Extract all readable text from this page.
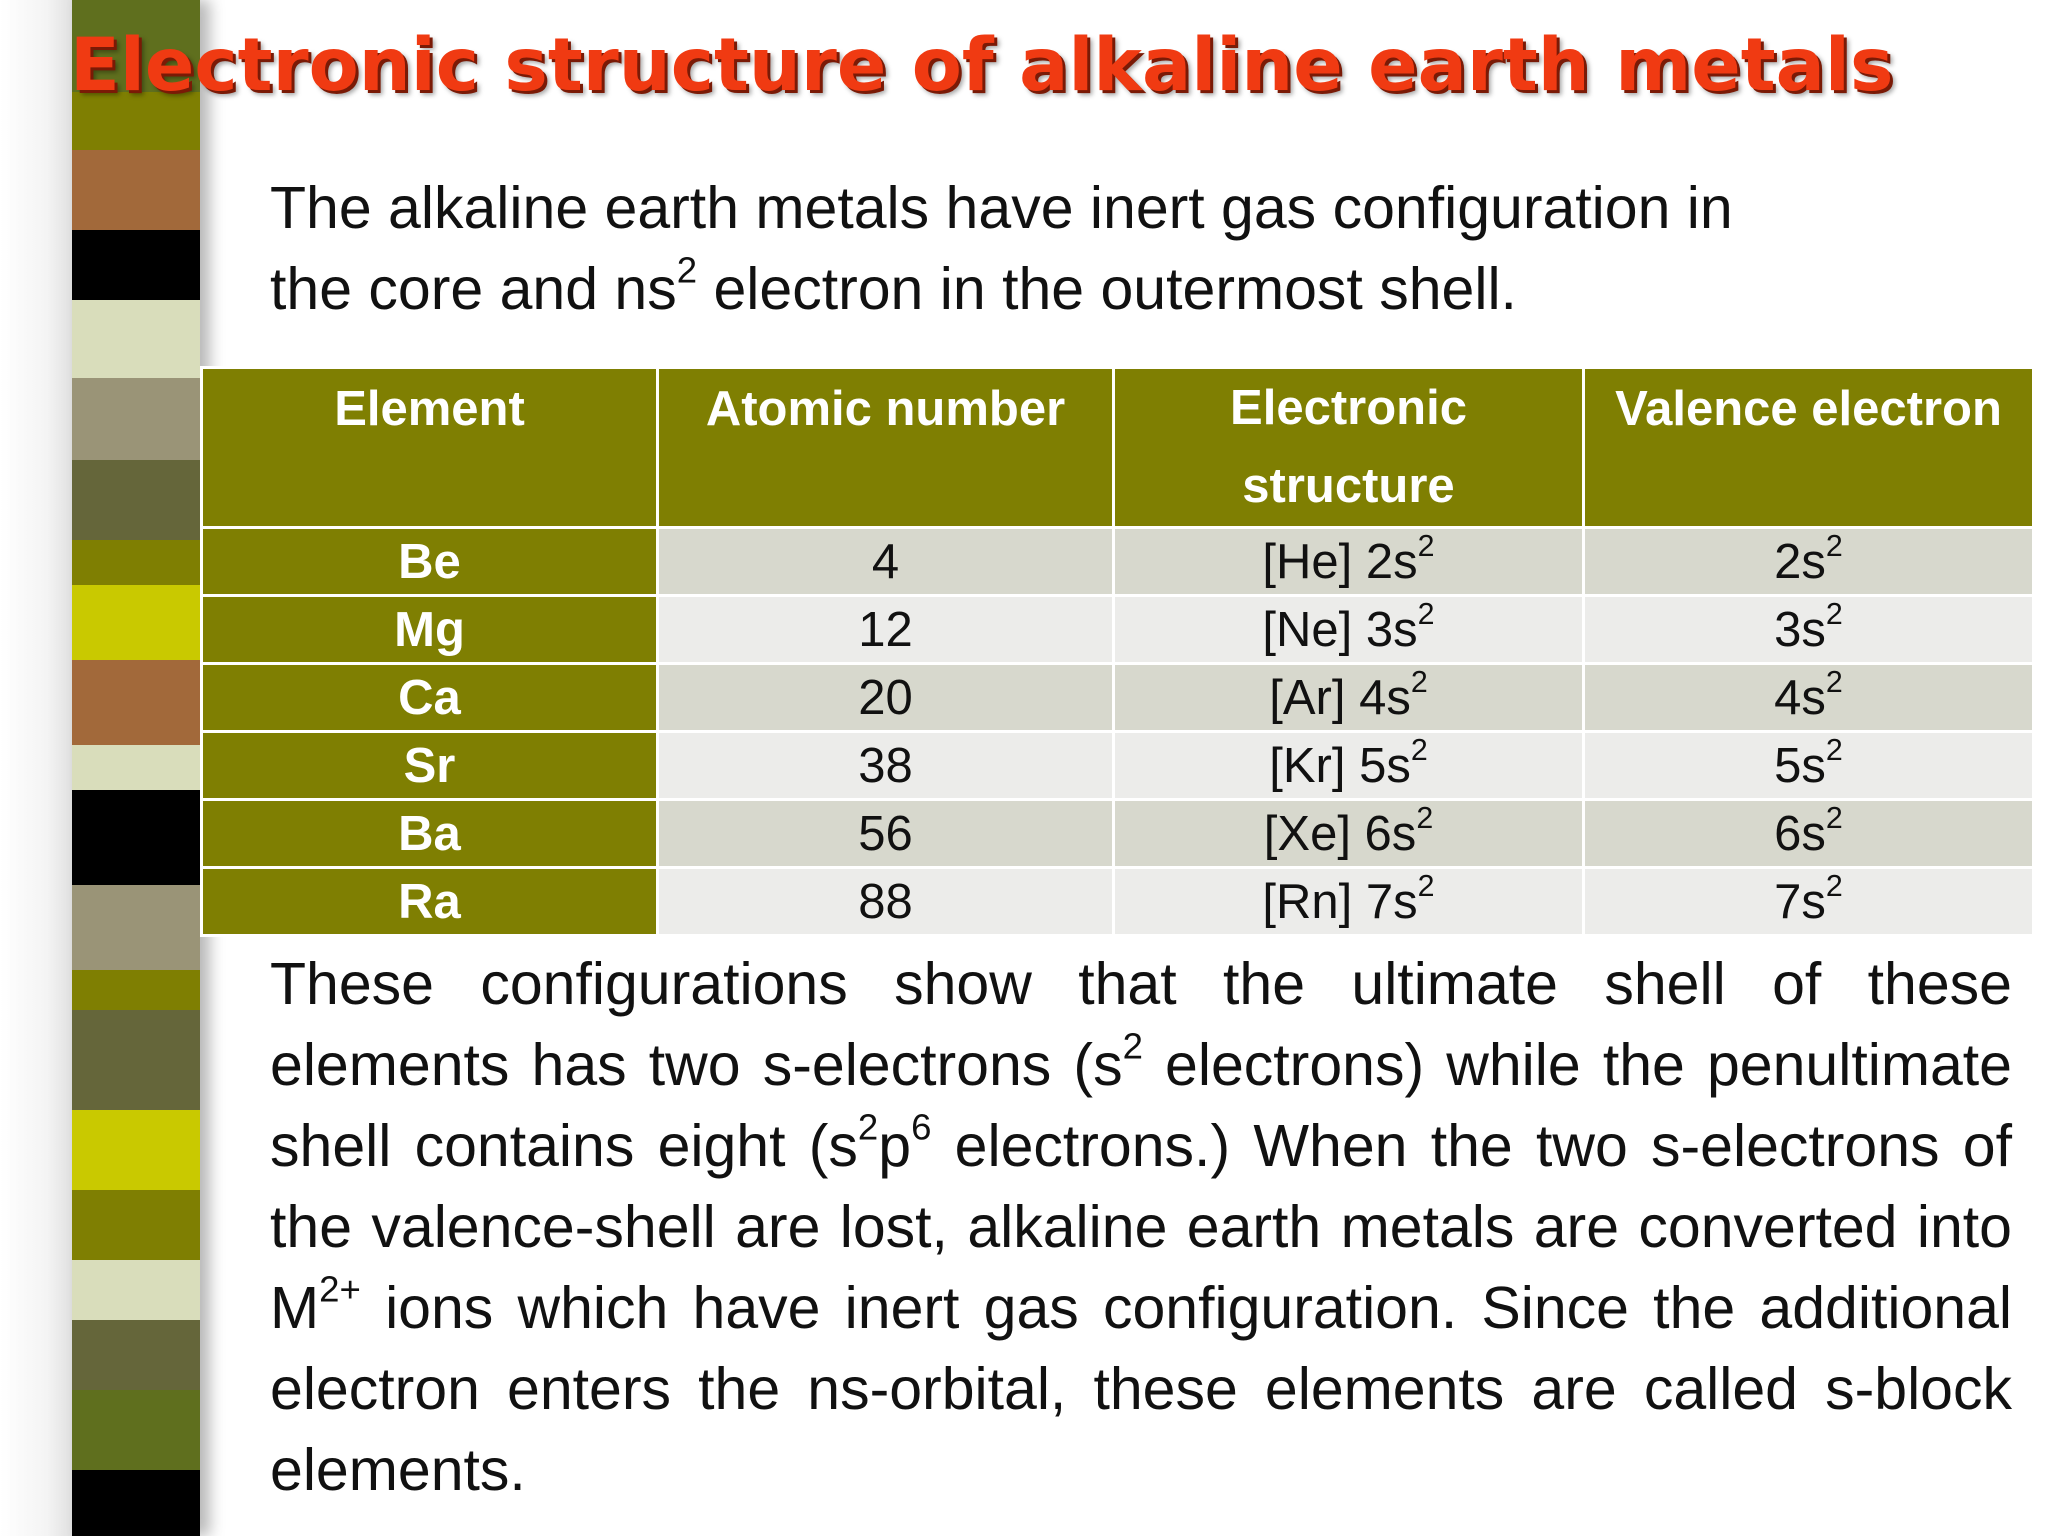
Electronic structure of alkaline earth metals

The alkaline earth metals have inert gas configuration in
the core and $ns^2$ electron in the outermost shell.

Element	Atomic number	Electronic structure	Valence electron
Be	4	[He] $2s^2$	$2s^2$
Mg	12	[Ne] $3s^2$	$3s^2$
Ca	20	[Ar] $4s^2$	$4s^2$
Sr	38	[Kr] $5s^2$	$5s^2$
Ba	56	[Xe] $6s^2$	$6s^2$
Ra	88	[Rn] $7s^2$	$7s^2$

These configurations show that the ultimate shell of these elements has two s-electrons ($s^2$ electrons) while the penultimate shell contains eight ($s^2p^6$ electrons.) When the two s-electrons of the valence-shell are lost, alkaline earth metals are converted into $M^{2+}$ ions which have inert gas configuration. Since the additional electron enters the ns-orbital, these elements are called s-block elements.
